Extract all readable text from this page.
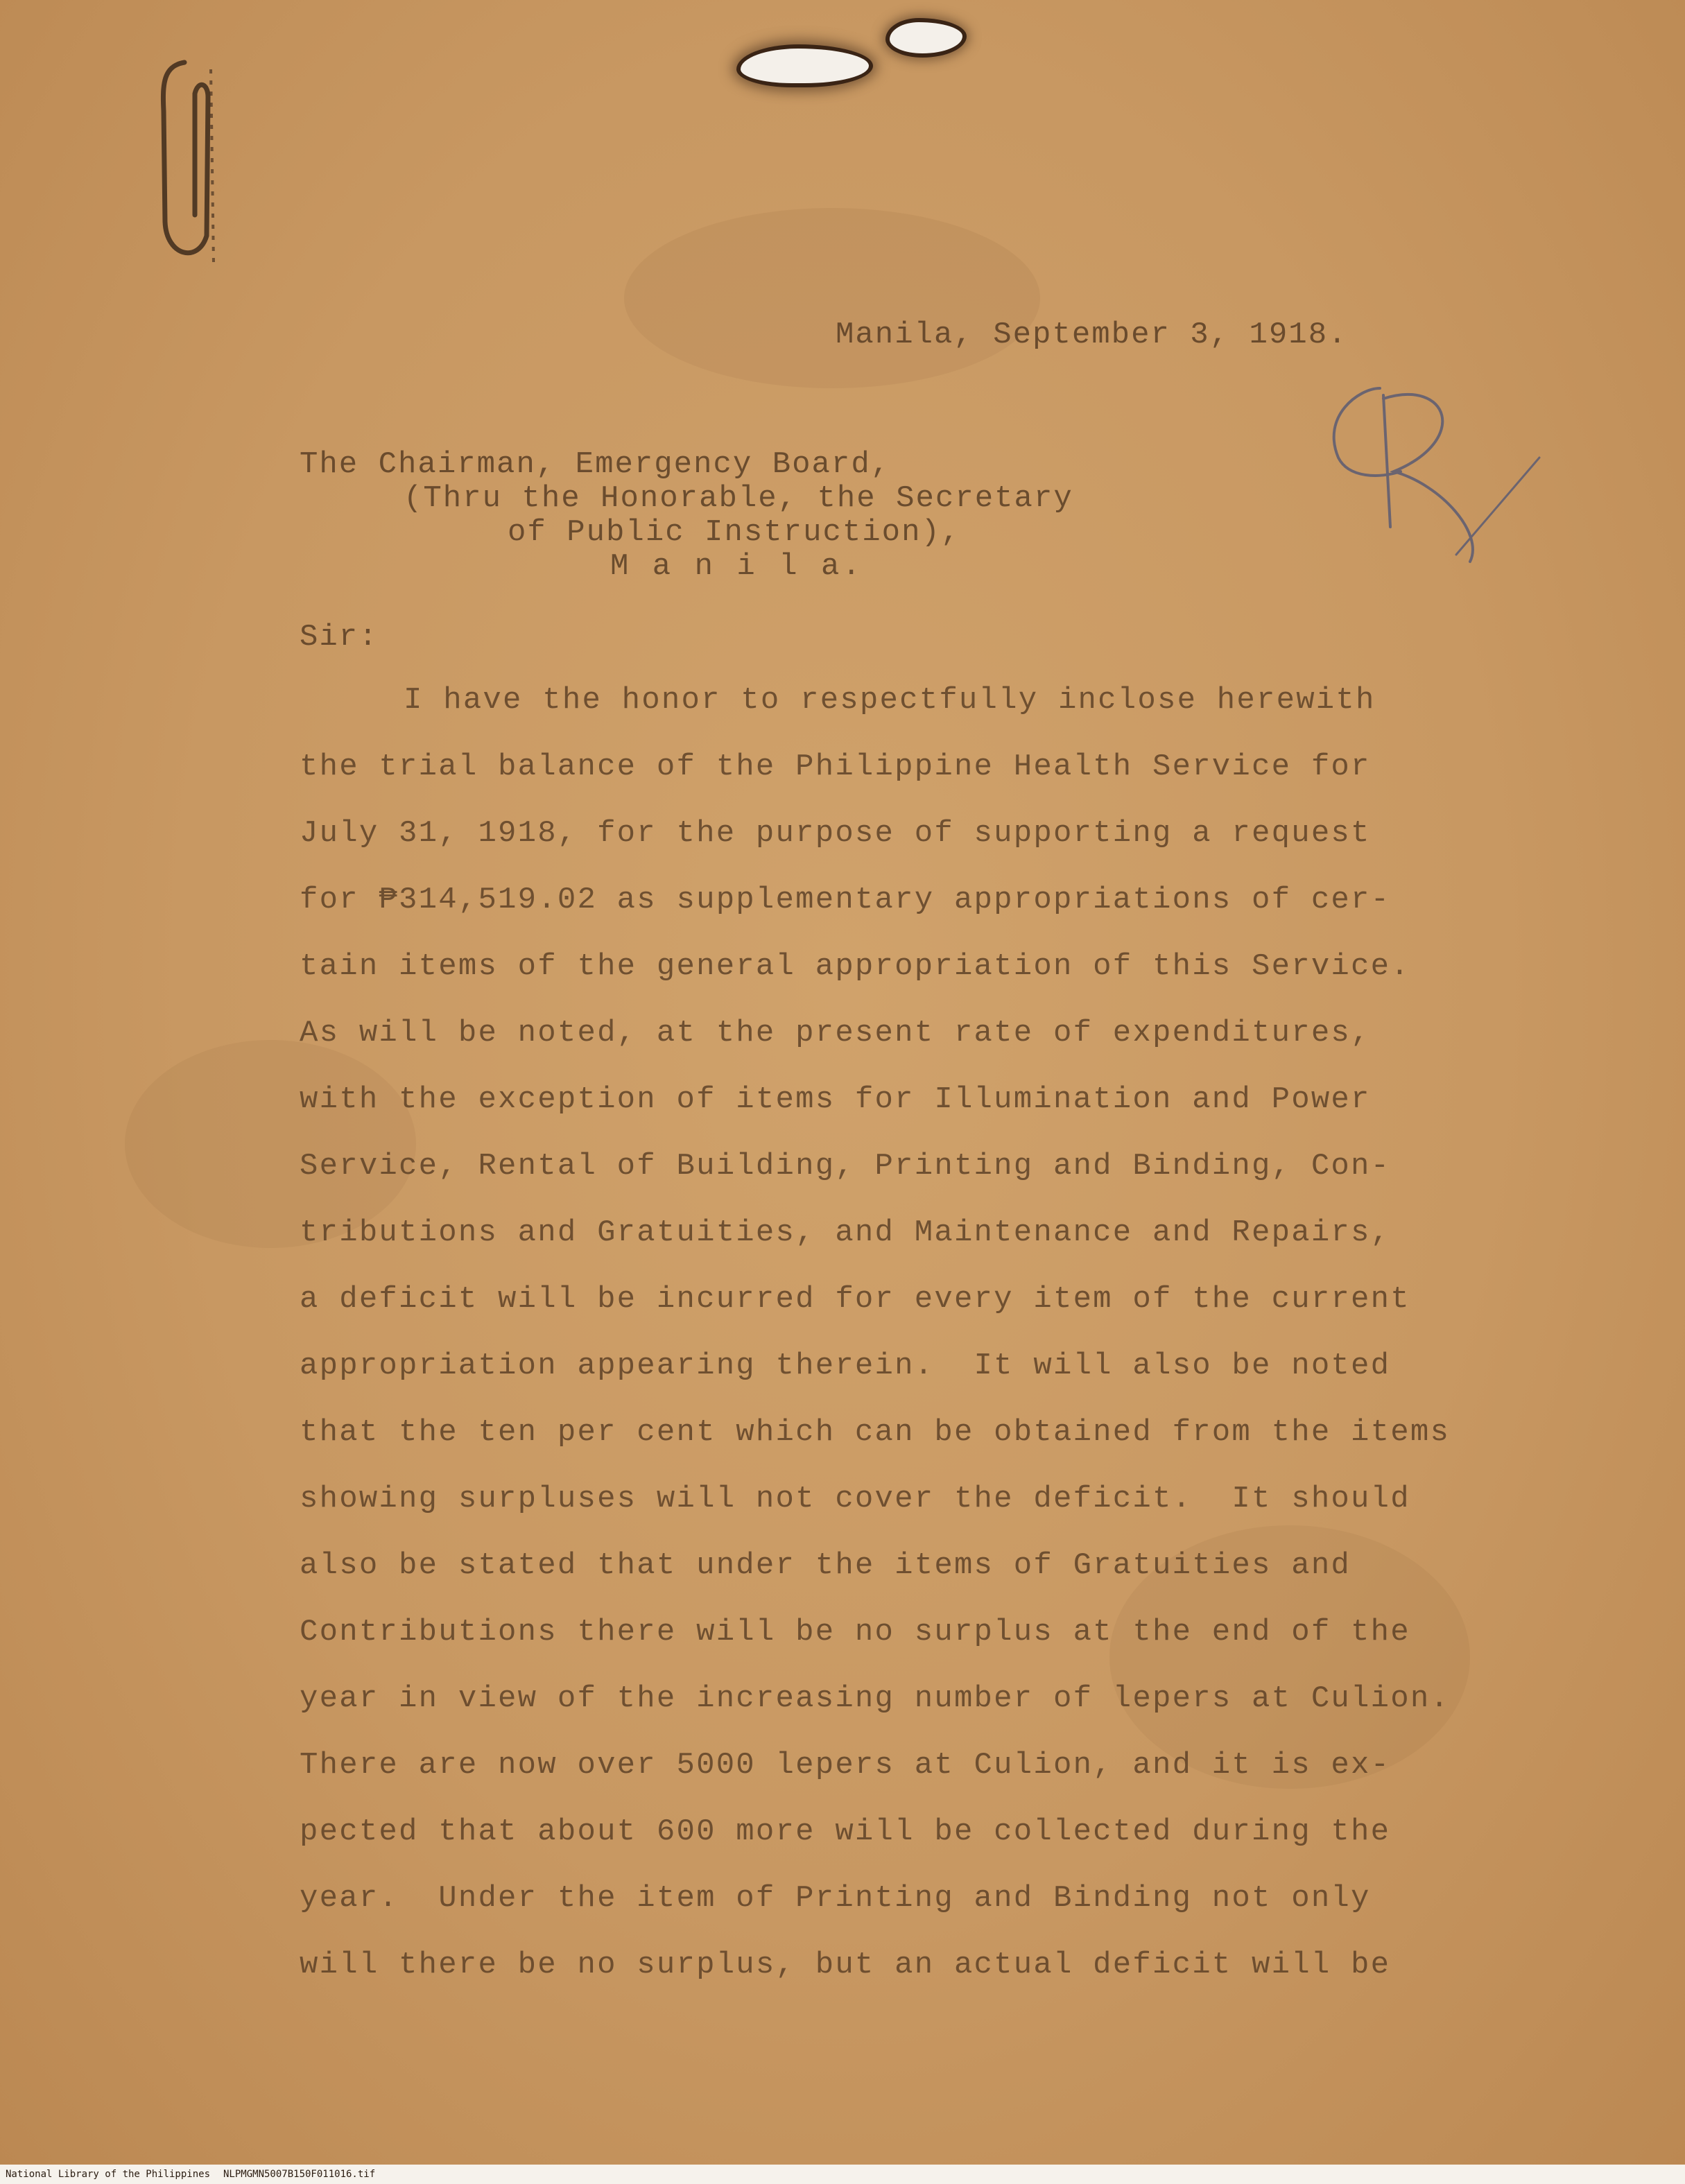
Manila, September 3, 1918.
The Chairman, Emergency Board,
(Thru the Honorable, the Secretary
of Public Instruction),
M a n i l a.
Sir:
I have the honor to respectfully inclose herewith
the trial balance of the Philippine Health Service for
July 31, 1918, for the purpose of supporting a request
for ₱314,519.02 as supplementary appropriations of cer-
tain items of the general appropriation of this Service.
As will be noted, at the present rate of expenditures,
with the exception of items for Illumination and Power
Service, Rental of Building, Printing and Binding, Con-
tributions and Gratuities, and Maintenance and Repairs,
a deficit will be incurred for every item of the current
appropriation appearing therein.  It will also be noted
that the ten per cent which can be obtained from the items
showing surpluses will not cover the deficit.  It should
also be stated that under the items of Gratuities and
Contributions there will be no surplus at the end of the
year in view of the increasing number of lepers at Culion.
There are now over 5000 lepers at Culion, and it is ex-
pected that about 600 more will be collected during the
year.  Under the item of Printing and Binding not only
will there be no surplus, but an actual deficit will be
National Library of the Philippines NLPMGMN5007B150F011016.tif
